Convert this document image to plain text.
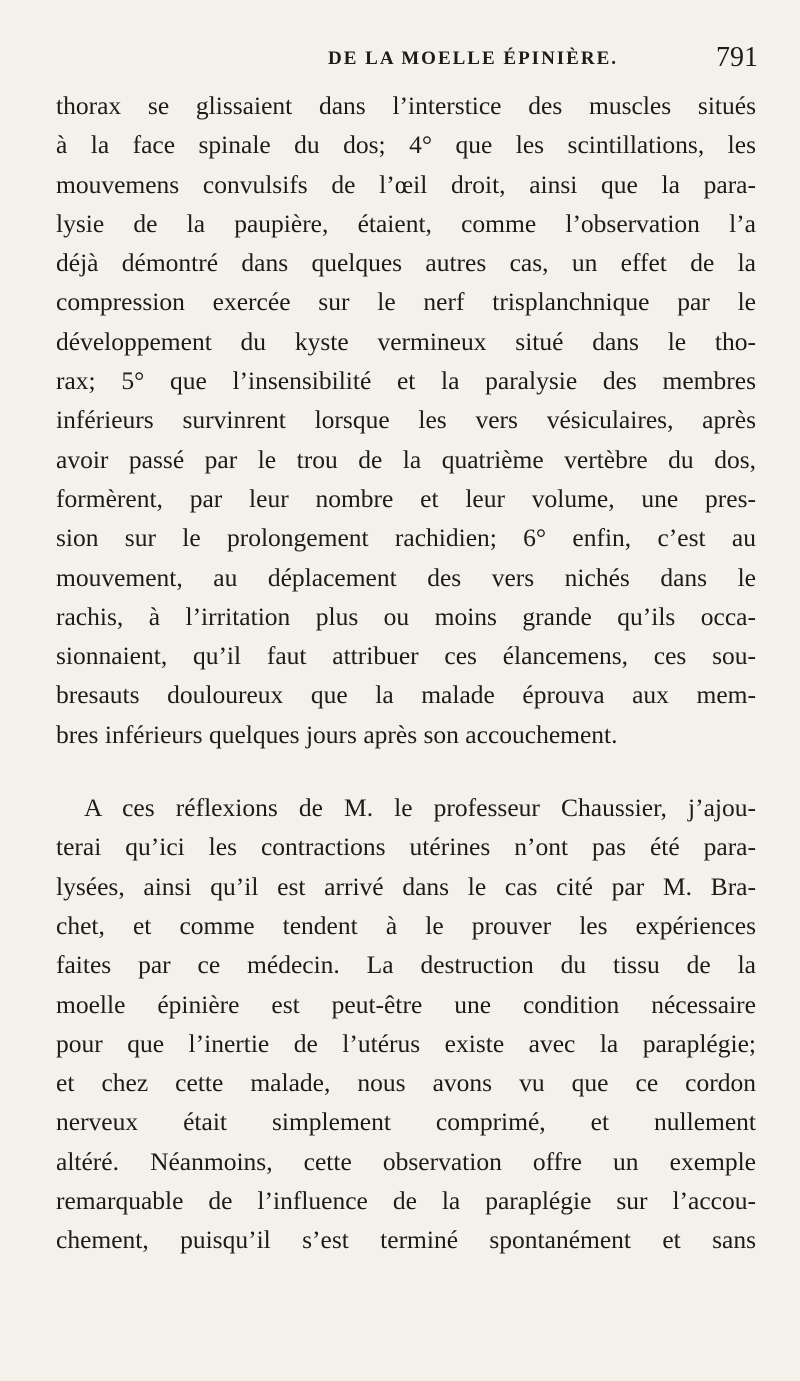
DE LA MOELLE ÉPINIÈRE.	791
thorax se glissaient dans l’interstice des muscles situés
à la face spinale du dos; 4° que les scintillations, les
mouvemens convulsifs de l’œil droit, ainsi que la para-
lysie de la paupière, étaient, comme l’observation l’a
déjà démontré dans quelques autres cas, un effet de la
compression exercée sur le nerf trisplanchnique par le
développement du kyste vermineux situé dans le tho-
rax; 5° que l’insensibilité et la paralysie des membres
inférieurs survinrent lorsque les vers vésiculaires, après
avoir passé par le trou de la quatrième vertèbre du dos,
formèrent, par leur nombre et leur volume, une pres-
sion sur le prolongement rachidien; 6° enfin, c’est au
mouvement, au déplacement des vers nichés dans le
rachis, à l’irritation plus ou moins grande qu’ils occa-
sionnaient, qu’il faut attribuer ces élancemens, ces sou-
bresauts douloureux que la malade éprouva aux mem-
bres inférieurs quelques jours après son accouchement.
A ces réflexions de M. le professeur Chaussier, j’ajou-
terai qu’ici les contractions utérines n’ont pas été para-
lysées, ainsi qu’il est arrivé dans le cas cité par M. Bra-
chet, et comme tendent à le prouver les expériences
faites par ce médecin. La destruction du tissu de la
moelle épinière est peut-être une condition nécessaire
pour que l’inertie de l’utérus existe avec la paraplégie;
et chez cette malade, nous avons vu que ce cordon
nerveux était simplement comprimé, et nullement
altéré. Néanmoins, cette observation offre un exemple
remarquable de l’influence de la paraplégie sur l’accou-
chement, puisqu’il s’est terminé spontanément et sans
